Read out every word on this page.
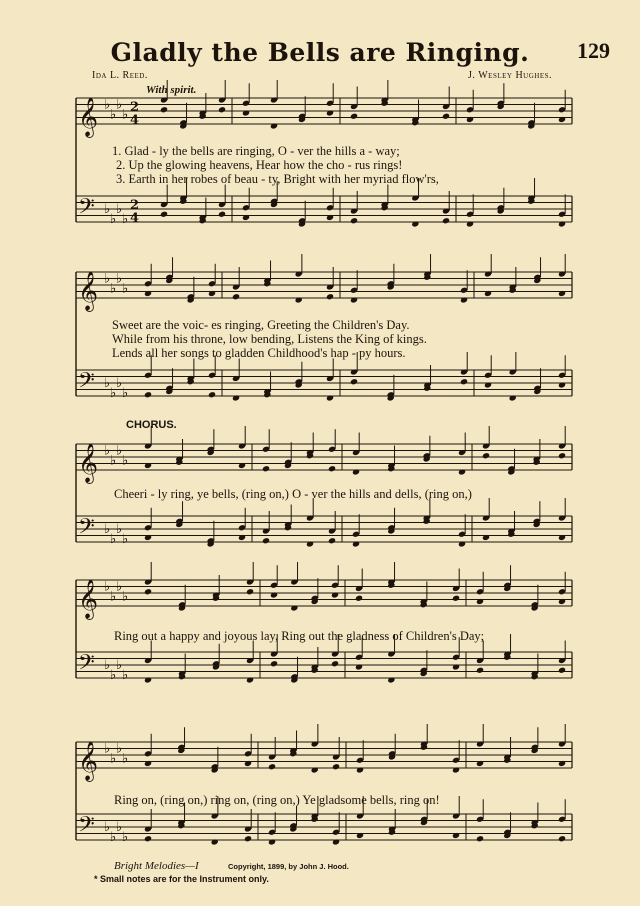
Gladly the Bells are Ringing.	129
Ida L. Reed.	J. Wesley Hughes.
With spirit.
𝄞
𝄢
♭
♭
♭
♭
♭
♭
♭
♭
2
2
4
4
𝄞
𝄢
♭
♭
♭
♭
♭
♭
♭
♭
𝄞
𝄢
♭
♭
♭
♭
♭
♭
♭
♭
𝄞
𝄢
♭
♭
♭
♭
♭
♭
♭
♭
𝄞
𝄢
♭
♭
♭
♭
♭
♭
♭
♭
1. Glad - ly the bells are ringing, O - ver the hills a - way;
2. Up the glowing heavens, Hear how the cho - rus rings!
3. Earth in her robes of beau - ty, Bright with her myriad flow'rs,
Sweet are the voic- es ringing, Greeting the Children's Day.
While from his throne, low bending, Listens the King of kings.
Lends all her songs to gladden Childhood's hap - py hours.
CHORUS.
Cheeri - ly ring, ye bells, (ring on,) O - ver the hills and dells, (ring on,)
Ring out a happy and joyous lay, Ring out the gladness of Children's Day;
Ring on, (ring on,) ring on, (ring on,) Ye gladsome bells, ring on!
Bright Melodies—I	Copyright, 1899, by John J. Hood.
* Small notes are for the Instrument only.
